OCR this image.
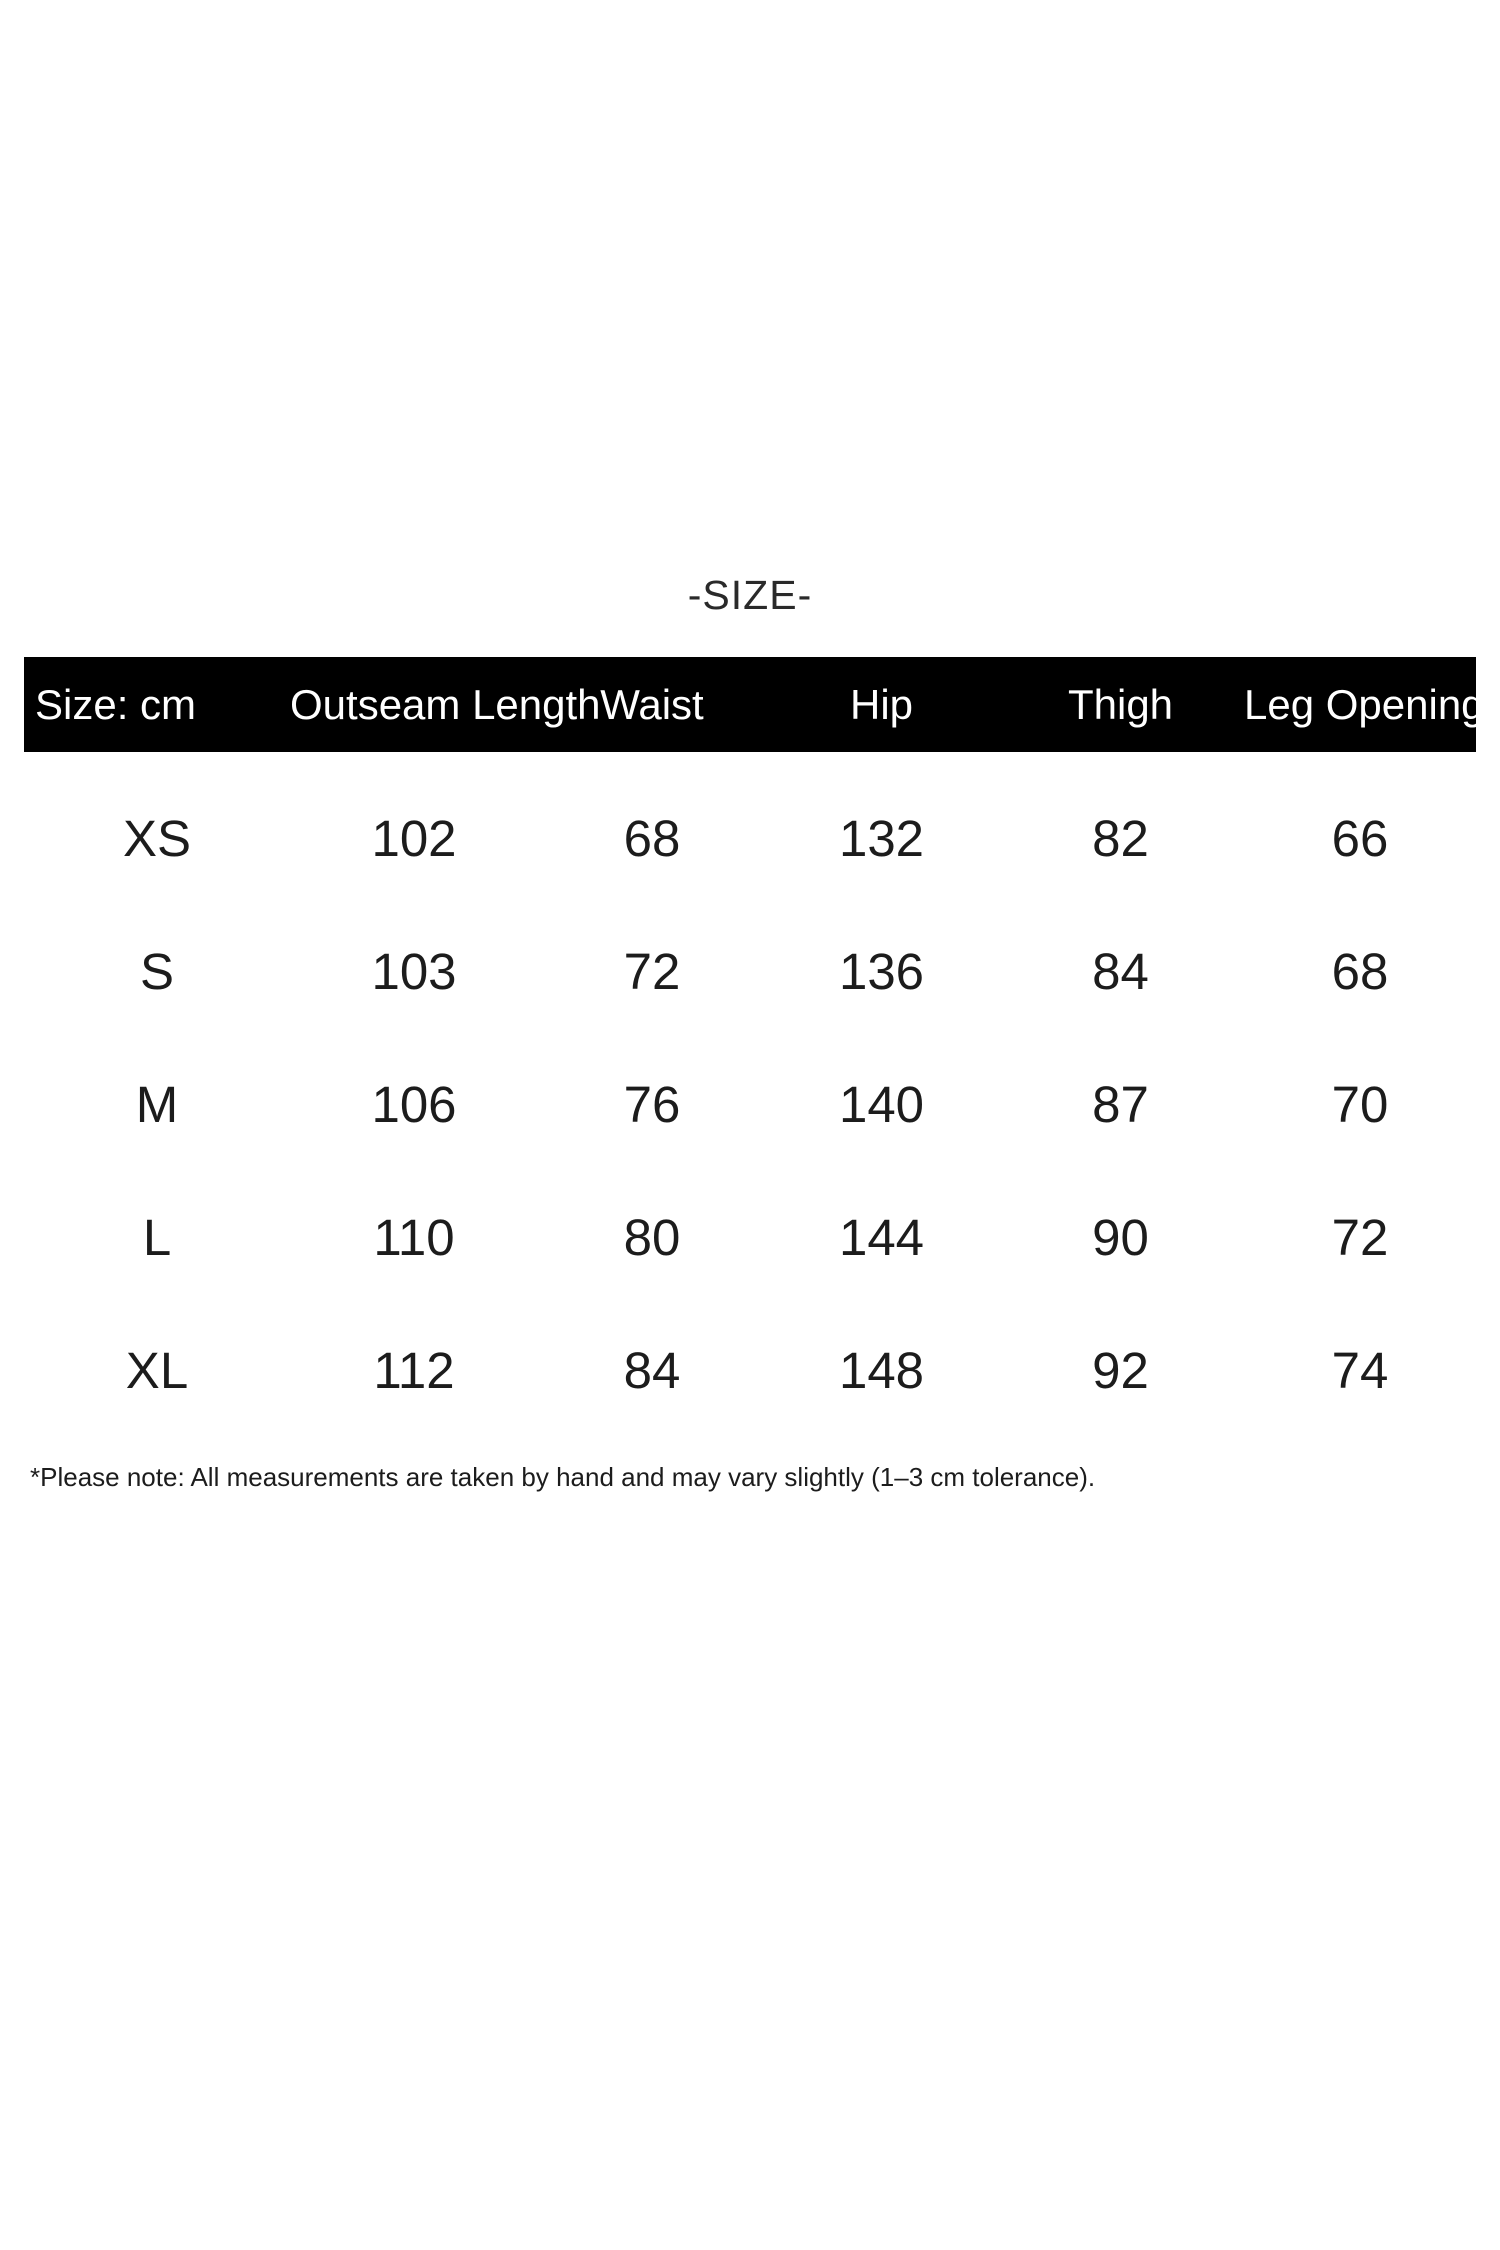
-SIZE-
Size: cm	Outseam Length Waist	Hip	Thigh	Leg Opening
XS	102	68	132	82	66
S	103	72	136	84	68
M	106	76	140	87	70
L	110	80	144	90	72
XL	112	84	148	92	74
*Please note: All measurements are taken by hand and may vary slightly (1–3 cm tolerance).
